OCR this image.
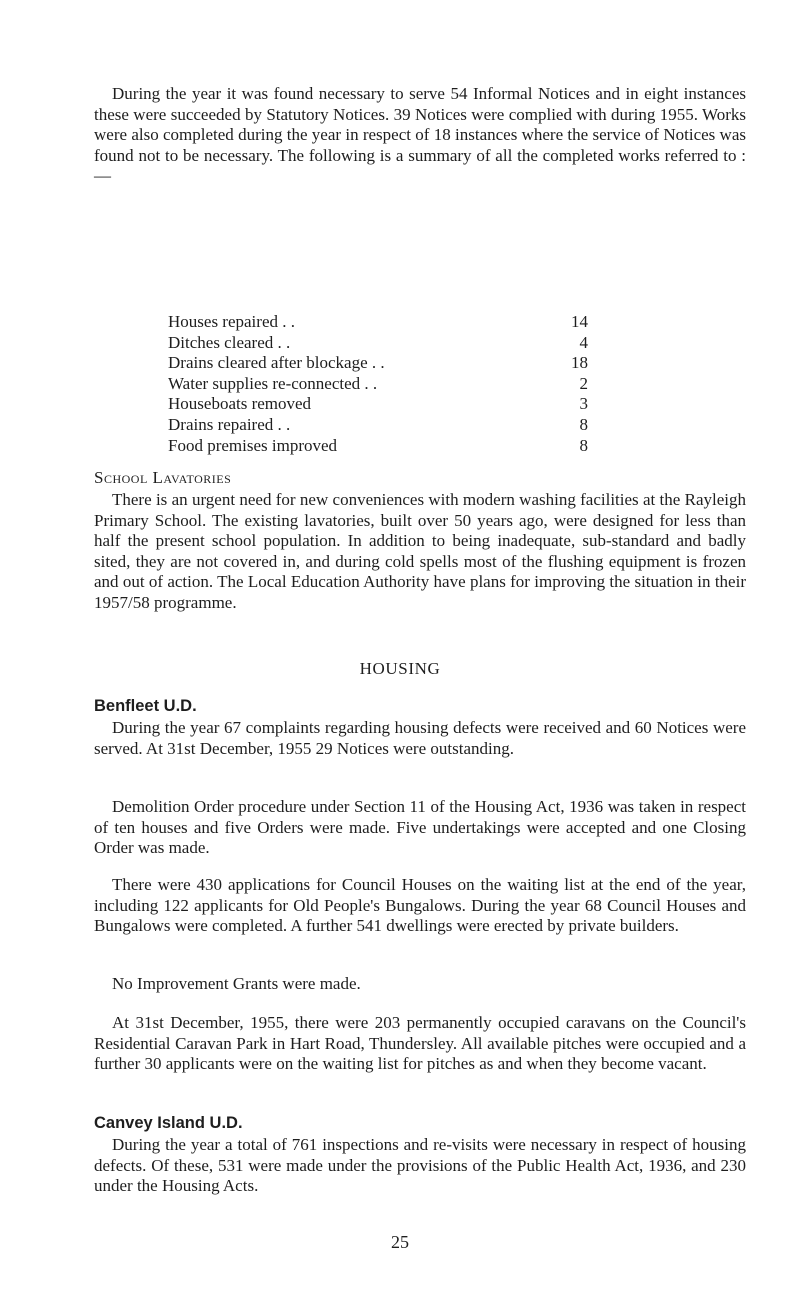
During the year it was found necessary to serve 54 Informal Notices and in eight instances these were succeeded by Statutory Notices. 39 Notices were complied with during 1955. Works were also completed during the year in respect of 18 instances where the service of Notices was found not to be necessary. The following is a summary of all the completed works referred to :—

Houses repaired . .	14
Ditches cleared . .	4
Drains cleared after blockage . .	18
Water supplies re-connected . .	2
Houseboats removed	3
Drains repaired . .	8
Food premises improved	8
School Lavatories

There is an urgent need for new conveniences with modern washing facilities at the Rayleigh Primary School. The existing lavatories, built over 50 years ago, were designed for less than half the present school population. In addition to being inadequate, sub-standard and badly sited, they are not covered in, and during cold spells most of the flushing equipment is frozen and out of action. The Local Education Authority have plans for improving the situation in their 1957/58 programme.

HOUSING
Benfleet U.D.

During the year 67 complaints regarding housing defects were received and 60 Notices were served. At 31st December, 1955 29 Notices were outstanding.

Demolition Order procedure under Section 11 of the Housing Act, 1936 was taken in respect of ten houses and five Orders were made. Five undertakings were accepted and one Closing Order was made.

There were 430 applications for Council Houses on the waiting list at the end of the year, including 122 applicants for Old People's Bungalows. During the year 68 Council Houses and Bungalows were completed. A further 541 dwellings were erected by private builders.

No Improvement Grants were made.

At 31st December, 1955, there were 203 permanently occupied caravans on the Council's Residential Caravan Park in Hart Road, Thundersley. All available pitches were occupied and a further 30 applicants were on the waiting list for pitches as and when they become vacant.

Canvey Island U.D.

During the year a total of 761 inspections and re-visits were necessary in respect of housing defects. Of these, 531 were made under the provisions of the Public Health Act, 1936, and 230 under the Housing Acts.

25
